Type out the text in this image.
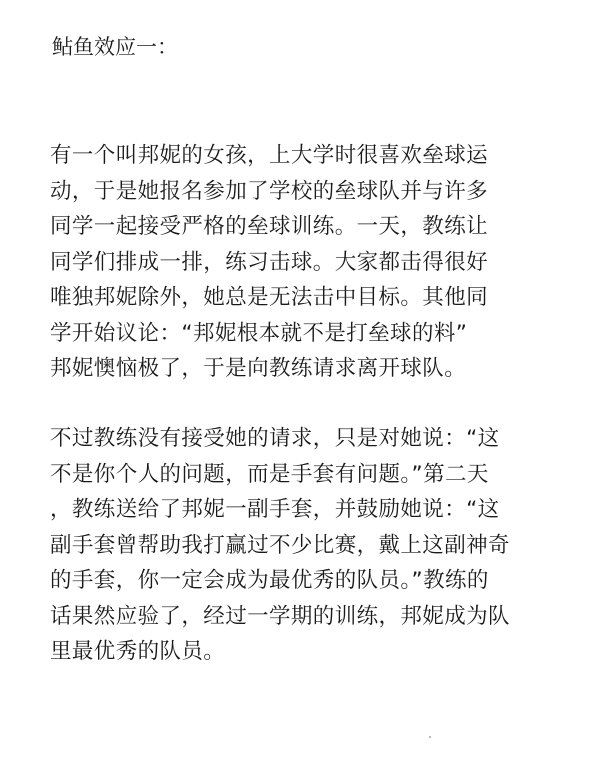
鲇鱼效应一：
有一个叫邦妮的女孩，上大学时很喜欢垒球运
动，于是她报名参加了学校的垒球队并与许多
同学一起接受严格的垒球训练。一天，教练让
同学们排成一排，练习击球。大家都击得很好
唯独邦妮除外，她总是无法击中目标。其他同
学开始议论：“邦妮根本就不是打垒球的料”
邦妮懊恼极了，于是向教练请求离开球队。
不过教练没有接受她的请求，只是对她说：“这
不是你个人的问题，而是手套有问题。”第二天
，教练送给了邦妮一副手套，并鼓励她说：“这
副手套曾帮助我打赢过不少比赛，戴上这副神奇
的手套，你一定会成为最优秀的队员。”教练的
话果然应验了，经过一学期的训练，邦妮成为队
里最优秀的队员。
